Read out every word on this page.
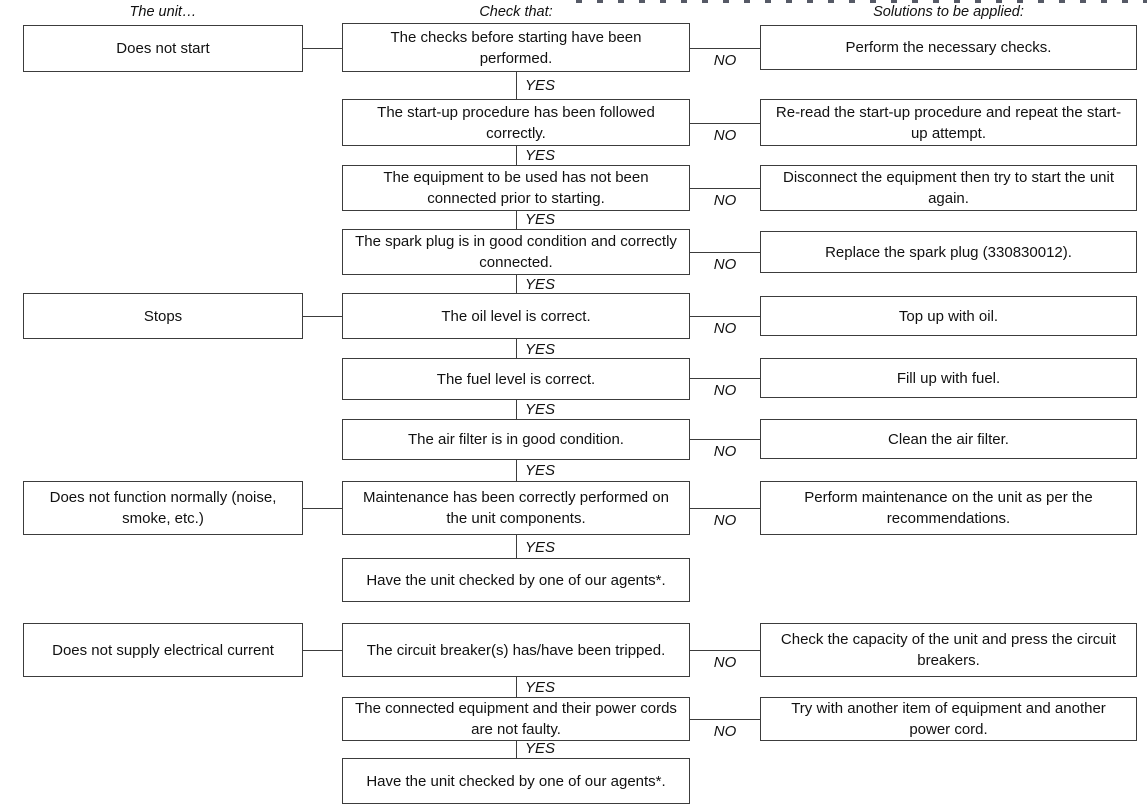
The unit…	Check that:	Solutions to be applied:
Does not start
Stops
Does not function normally (noise, smoke, etc.)
Does not supply electrical current
The checks before starting have been performed.
The start-up procedure has been followed correctly.
The equipment to be used has not been connected prior to starting.
The spark plug is in good condition and correctly connected.
The oil level is correct.
The fuel level is correct.
The air filter is in good condition.
Maintenance has been correctly performed on the unit components.
Have the unit checked by one of our agents*.
The circuit breaker(s) has/have been tripped.
The connected equipment and their power cords are not faulty.
Have the unit checked by one of our agents*.
YES
YES
YES
YES
YES
YES
YES
YES
YES
YES
NO
NO
NO
NO
NO
NO
NO
NO
NO
NO
Perform the necessary checks.
Re-read the start-up procedure and repeat the start-up attempt.
Disconnect the equipment then try to start the unit again.
Replace the spark plug (330830012).
Top up with oil.
Fill up with fuel.
Clean the air filter.
Perform maintenance on the unit as per the recommendations.
Check the capacity of the unit and press the circuit breakers.
Try with another item of equipment and another power cord.
